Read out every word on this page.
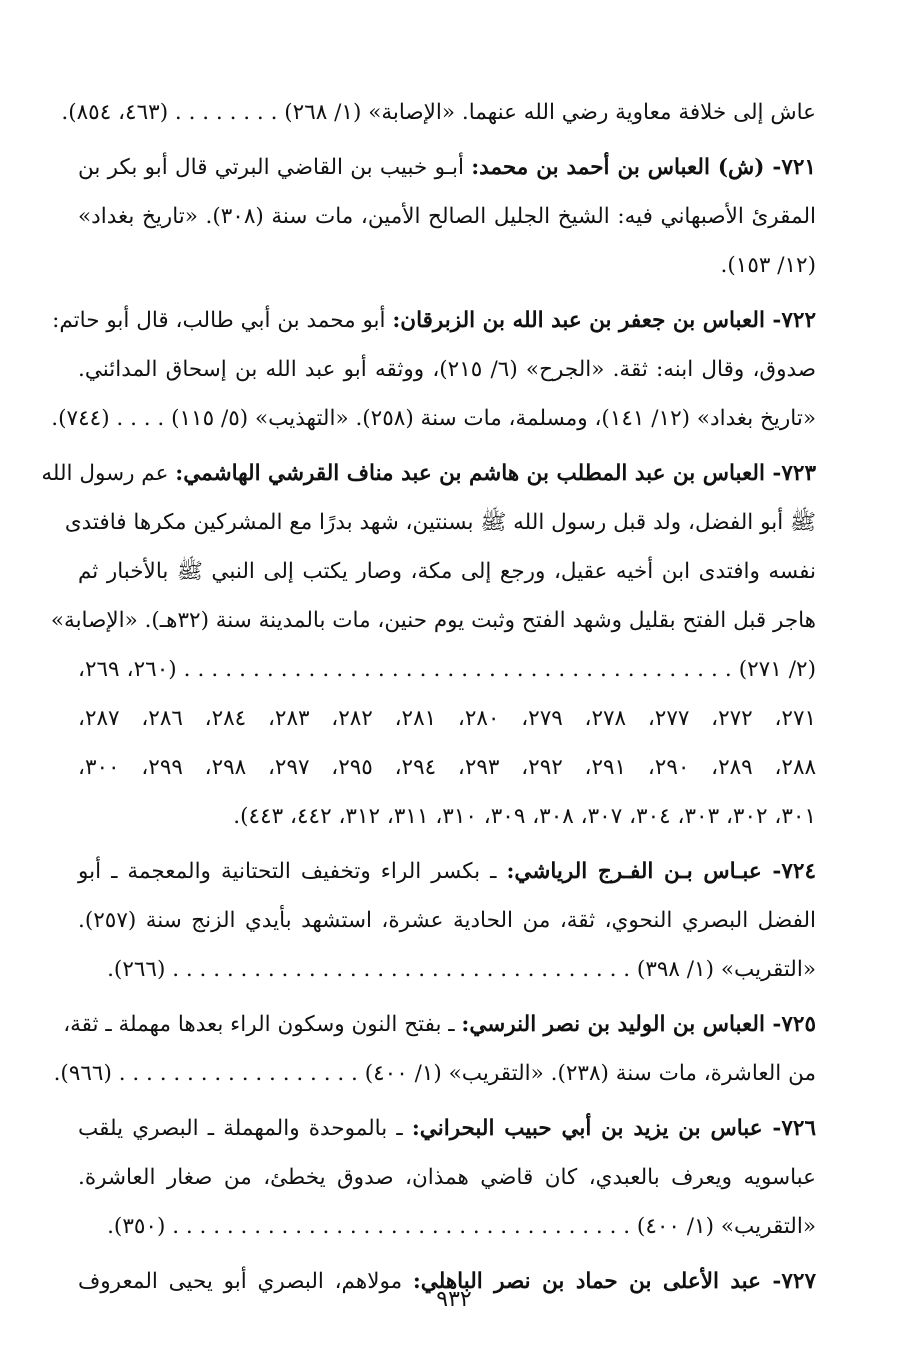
عاش إلى خلافة معاوية رضي الله عنهما. «الإصابة» (١/ ٢٦٨) . . . . . . . . (٤٦٣، ٨٥٤).
٧٢١- (ش) العباس بن أحمد بن محمد: أبـو خبيب بن القاضي البرتي قال أبو بكر بن
المقرئ الأصبهاني فيه: الشيخ الجليل الصالح الأمين، مات سنة (٣٠٨). «تاريخ بغداد»
(١٢/ ١٥٣).
٧٢٢- العباس بن جعفر بن عبد الله بن الزبرقان: أبو محمد بن أبي طالب، قال أبو حاتم:
صدوق، وقال ابنه: ثقة. «الجرح» (٦/ ٢١٥)، ووثقه أبو عبد الله بن إسحاق المدائني.
«تاريخ بغداد» (١٢/ ١٤١)، ومسلمة، مات سنة (٢٥٨). «التهذيب» (٥/ ١١٥) . . . . (٧٤٤).
٧٢٣- العباس بن عبد المطلب بن هاشم بن عبد مناف القرشي الهاشمي: عم رسول الله
ﷺ أبو الفضل، ولد قبل رسول الله ﷺ بسنتين، شهد بدرًا مع المشركين مكرها فافتدى
نفسه وافتدى ابن أخيه عقيل، ورجع إلى مكة، وصار يكتب إلى النبي ﷺ بالأخبار ثم
هاجر قبل الفتح بقليل وشهد الفتح وثبت يوم حنين، مات بالمدينة سنة (٣٢هـ). «الإصابة»
(٢/ ٢٧١) . . . . . . . . . . . . . . . . . . . . . . . . . . . . . . . . . . . . . . . . (٢٦٠، ٢٦٩،
٢٧١، ٢٧٢، ٢٧٧، ٢٧٨، ٢٧٩، ٢٨٠، ٢٨١، ٢٨٢، ٢٨٣، ٢٨٤، ٢٨٦، ٢٨٧،
٢٨٨، ٢٨٩، ٢٩٠، ٢٩١، ٢٩٢، ٢٩٣، ٢٩٤، ٢٩٥، ٢٩٧، ٢٩٨، ٢٩٩، ٣٠٠،
٣٠١، ٣٠٢، ٣٠٣، ٣٠٤، ٣٠٧، ٣٠٨، ٣٠٩، ٣١٠، ٣١١، ٣١٢، ٤٤٢، ٤٤٣).
٧٢٤- عبـاس بـن الفـرج الرياشي: ـ بكسر الراء وتخفيف التحتانية والمعجمة ـ أبو
الفضل البصري النحوي، ثقة، من الحادية عشرة، استشهد بأيدي الزنج سنة (٢٥٧).
«التقريب» (١/ ٣٩٨) . . . . . . . . . . . . . . . . . . . . . . . . . . . . . . . . . . (٢٦٦).
٧٢٥- العباس بن الوليد بن نصر النرسي: ـ بفتح النون وسكون الراء بعدها مهملة ـ ثقة،
من العاشرة، مات سنة (٢٣٨). «التقريب» (١/ ٤٠٠) . . . . . . . . . . . . . . . . . . (٩٦٦).
٧٢٦- عباس بن يزيد بن أبي حبيب البحراني: ـ بالموحدة والمهملة ـ البصري يلقب
عباسويه ويعرف بالعبدي، كان قاضي همذان، صدوق يخطئ، من صغار العاشرة.
«التقريب» (١/ ٤٠٠) . . . . . . . . . . . . . . . . . . . . . . . . . . . . . . . . . . (٣٥٠).
٧٢٧- عبد الأعلى بن حماد بن نصر الباهلي: مولاهم، البصري أبو يحيى المعروف
٩٣٢
